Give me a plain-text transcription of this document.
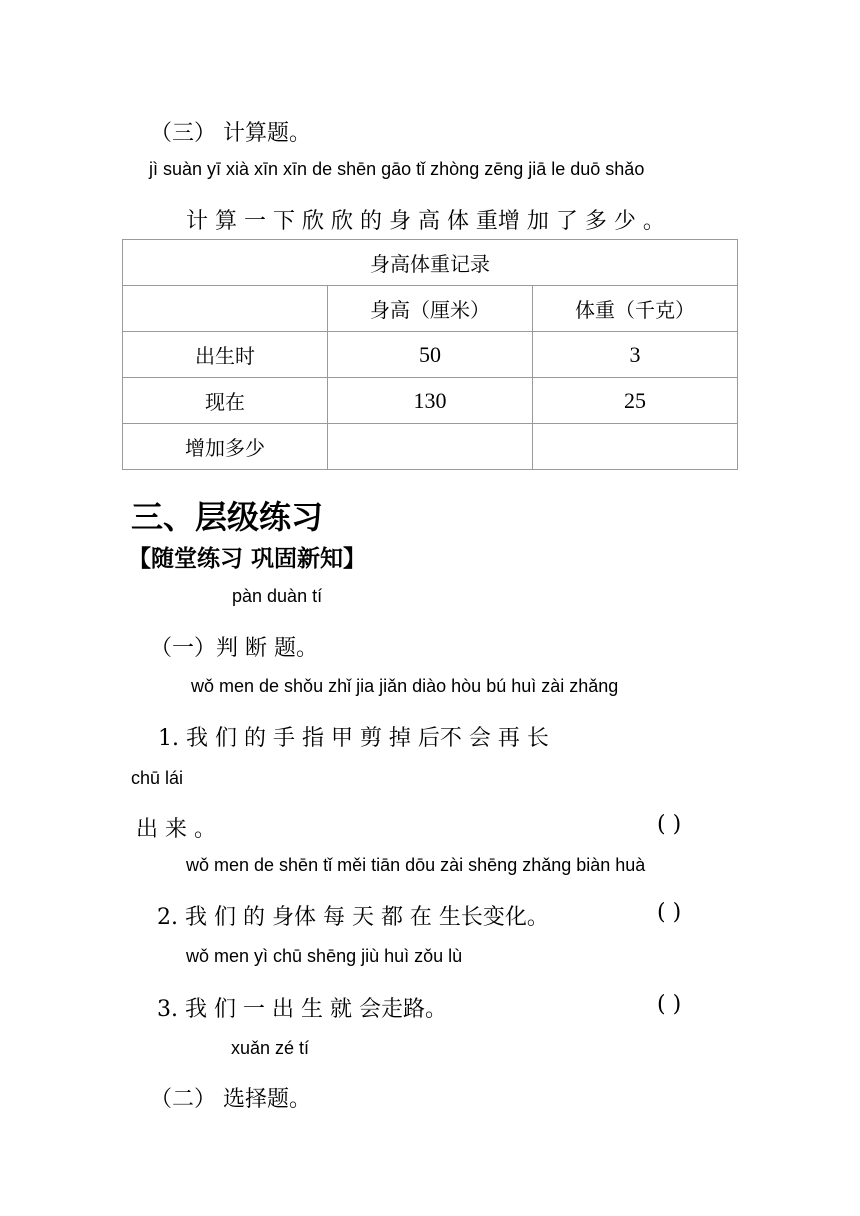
（三） 计算题。
jì suàn yī xià xīn xīn de shēn gāo tǐ zhòng zēng jiā le duō shǎo
计 算 一 下 欣 欣 的 身 高 体 重增 加 了 多 少 。
身高体重记录		
	身高（厘米）	体重（千克）
出生时	50	3
现在	130	25
增加多少		
三、层级练习
【随堂练习 巩固新知】
pàn duàn tí
（一）判 断 题。
wǒ men de shǒu zhǐ jia jiǎn diào hòu bú huì zài zhǎng
1. 我 们 的 手 指 甲 剪 掉 后不 会 再 长
chū lái
出 来 。	( )
wǒ men de shēn tǐ měi tiān dōu zài shēng zhǎng biàn huà
2. 我 们 的 身体 每 天 都 在 生长变化。	( )
wǒ men yì chū shēng jiù huì zǒu lù
3. 我 们 一 出 生 就 会走路。	( )
xuǎn zé tí
（二） 选择题。
